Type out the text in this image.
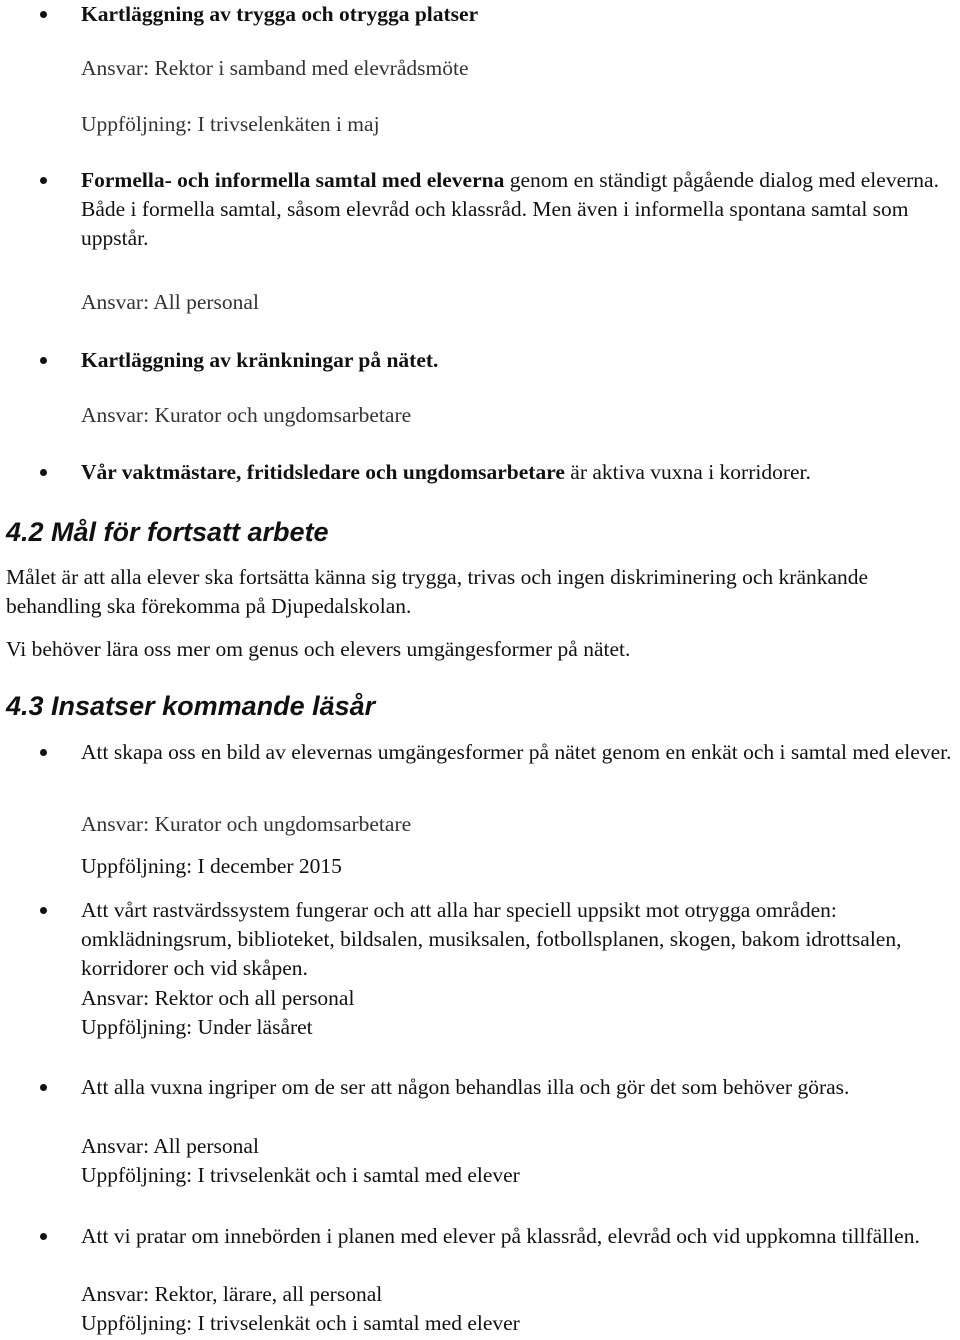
Kartläggning av trygga och otrygga platser
Ansvar: Rektor i samband med elevrådsmöte
Uppföljning: I trivselenkäten i maj
Formella- och informella samtal med eleverna genom en ständigt pågående dialog med eleverna. Både i formella samtal, såsom elevråd och klassråd. Men även i informella spontana samtal som uppstår.
Ansvar: All personal
Kartläggning av kränkningar på nätet.
Ansvar: Kurator och ungdomsarbetare
Vår vaktmästare, fritidsledare och ungdomsarbetare är aktiva vuxna i korridorer.
4.2 Mål för fortsatt arbete
Målet är att alla elever ska fortsätta känna sig trygga, trivas och ingen diskriminering och kränkande behandling ska förekomma på Djupedalskolan.
Vi behöver lära oss mer om genus och elevers umgängesformer på nätet.
4.3 Insatser kommande läsår
Att skapa oss en bild av elevernas umgängesformer på nätet genom en enkät och i samtal med elever.
Ansvar: Kurator och ungdomsarbetare
Uppföljning: I december 2015
Att vårt rastvärdssystem fungerar och att alla har speciell uppsikt mot otrygga områden: omklädningsrum, biblioteket, bildsalen, musiksalen, fotbollsplanen, skogen, bakom idrottsalen, korridorer och vid skåpen.
Ansvar: Rektor och all personal
Uppföljning: Under läsåret
Att alla vuxna ingriper om de ser att någon behandlas illa och gör det som behöver göras.
Ansvar: All personal
Uppföljning: I trivselenkät och i samtal med elever
Att vi pratar om innebörden i planen med elever på klassråd, elevråd och vid uppkomna tillfällen.
Ansvar: Rektor, lärare, all personal
Uppföljning: I trivselenkät och i samtal med elever
